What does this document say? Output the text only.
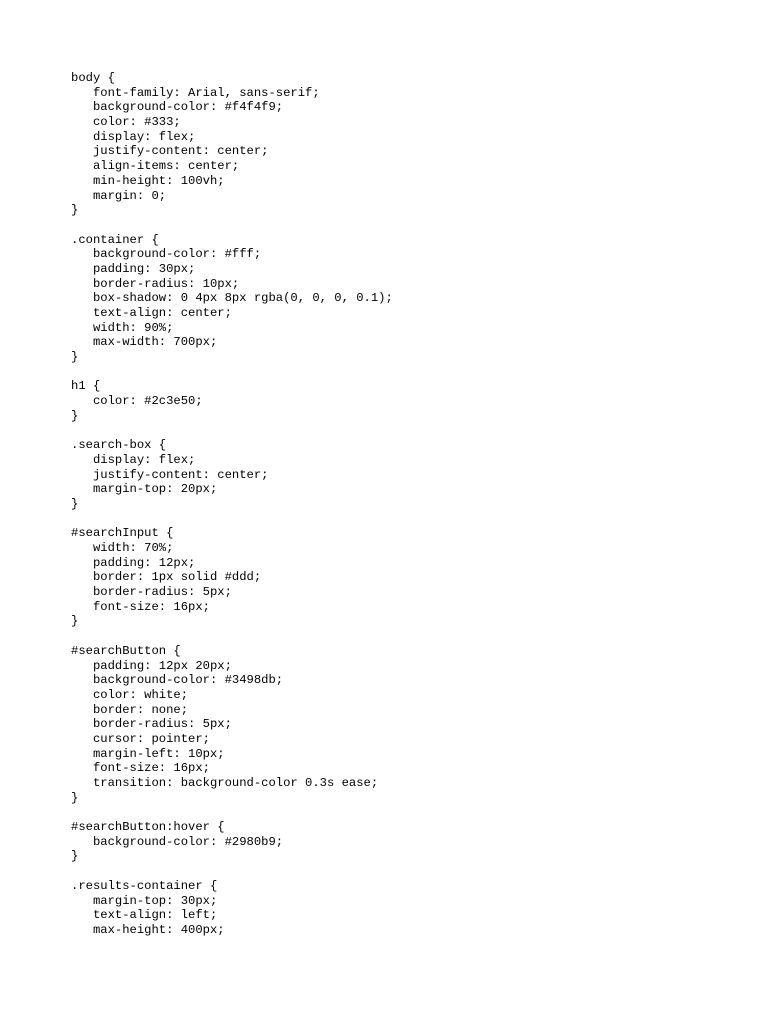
body {
font-family: Arial, sans-serif;
background-color: #f4f4f9;
color: #333;
display: flex;
justify-content: center;
align-items: center;
min-height: 100vh;
margin: 0;
}
.container {
background-color: #fff;
padding: 30px;
border-radius: 10px;
box-shadow: 0 4px 8px rgba(0, 0, 0, 0.1);
text-align: center;
width: 90%;
max-width: 700px;
}
h1 {
color: #2c3e50;
}
.search-box {
display: flex;
justify-content: center;
margin-top: 20px;
}
#searchInput {
width: 70%;
padding: 12px;
border: 1px solid #ddd;
border-radius: 5px;
font-size: 16px;
}
#searchButton {
padding: 12px 20px;
background-color: #3498db;
color: white;
border: none;
border-radius: 5px;
cursor: pointer;
margin-left: 10px;
font-size: 16px;
transition: background-color 0.3s ease;
}
#searchButton:hover {
background-color: #2980b9;
}
.results-container {
margin-top: 30px;
text-align: left;
max-height: 400px;
